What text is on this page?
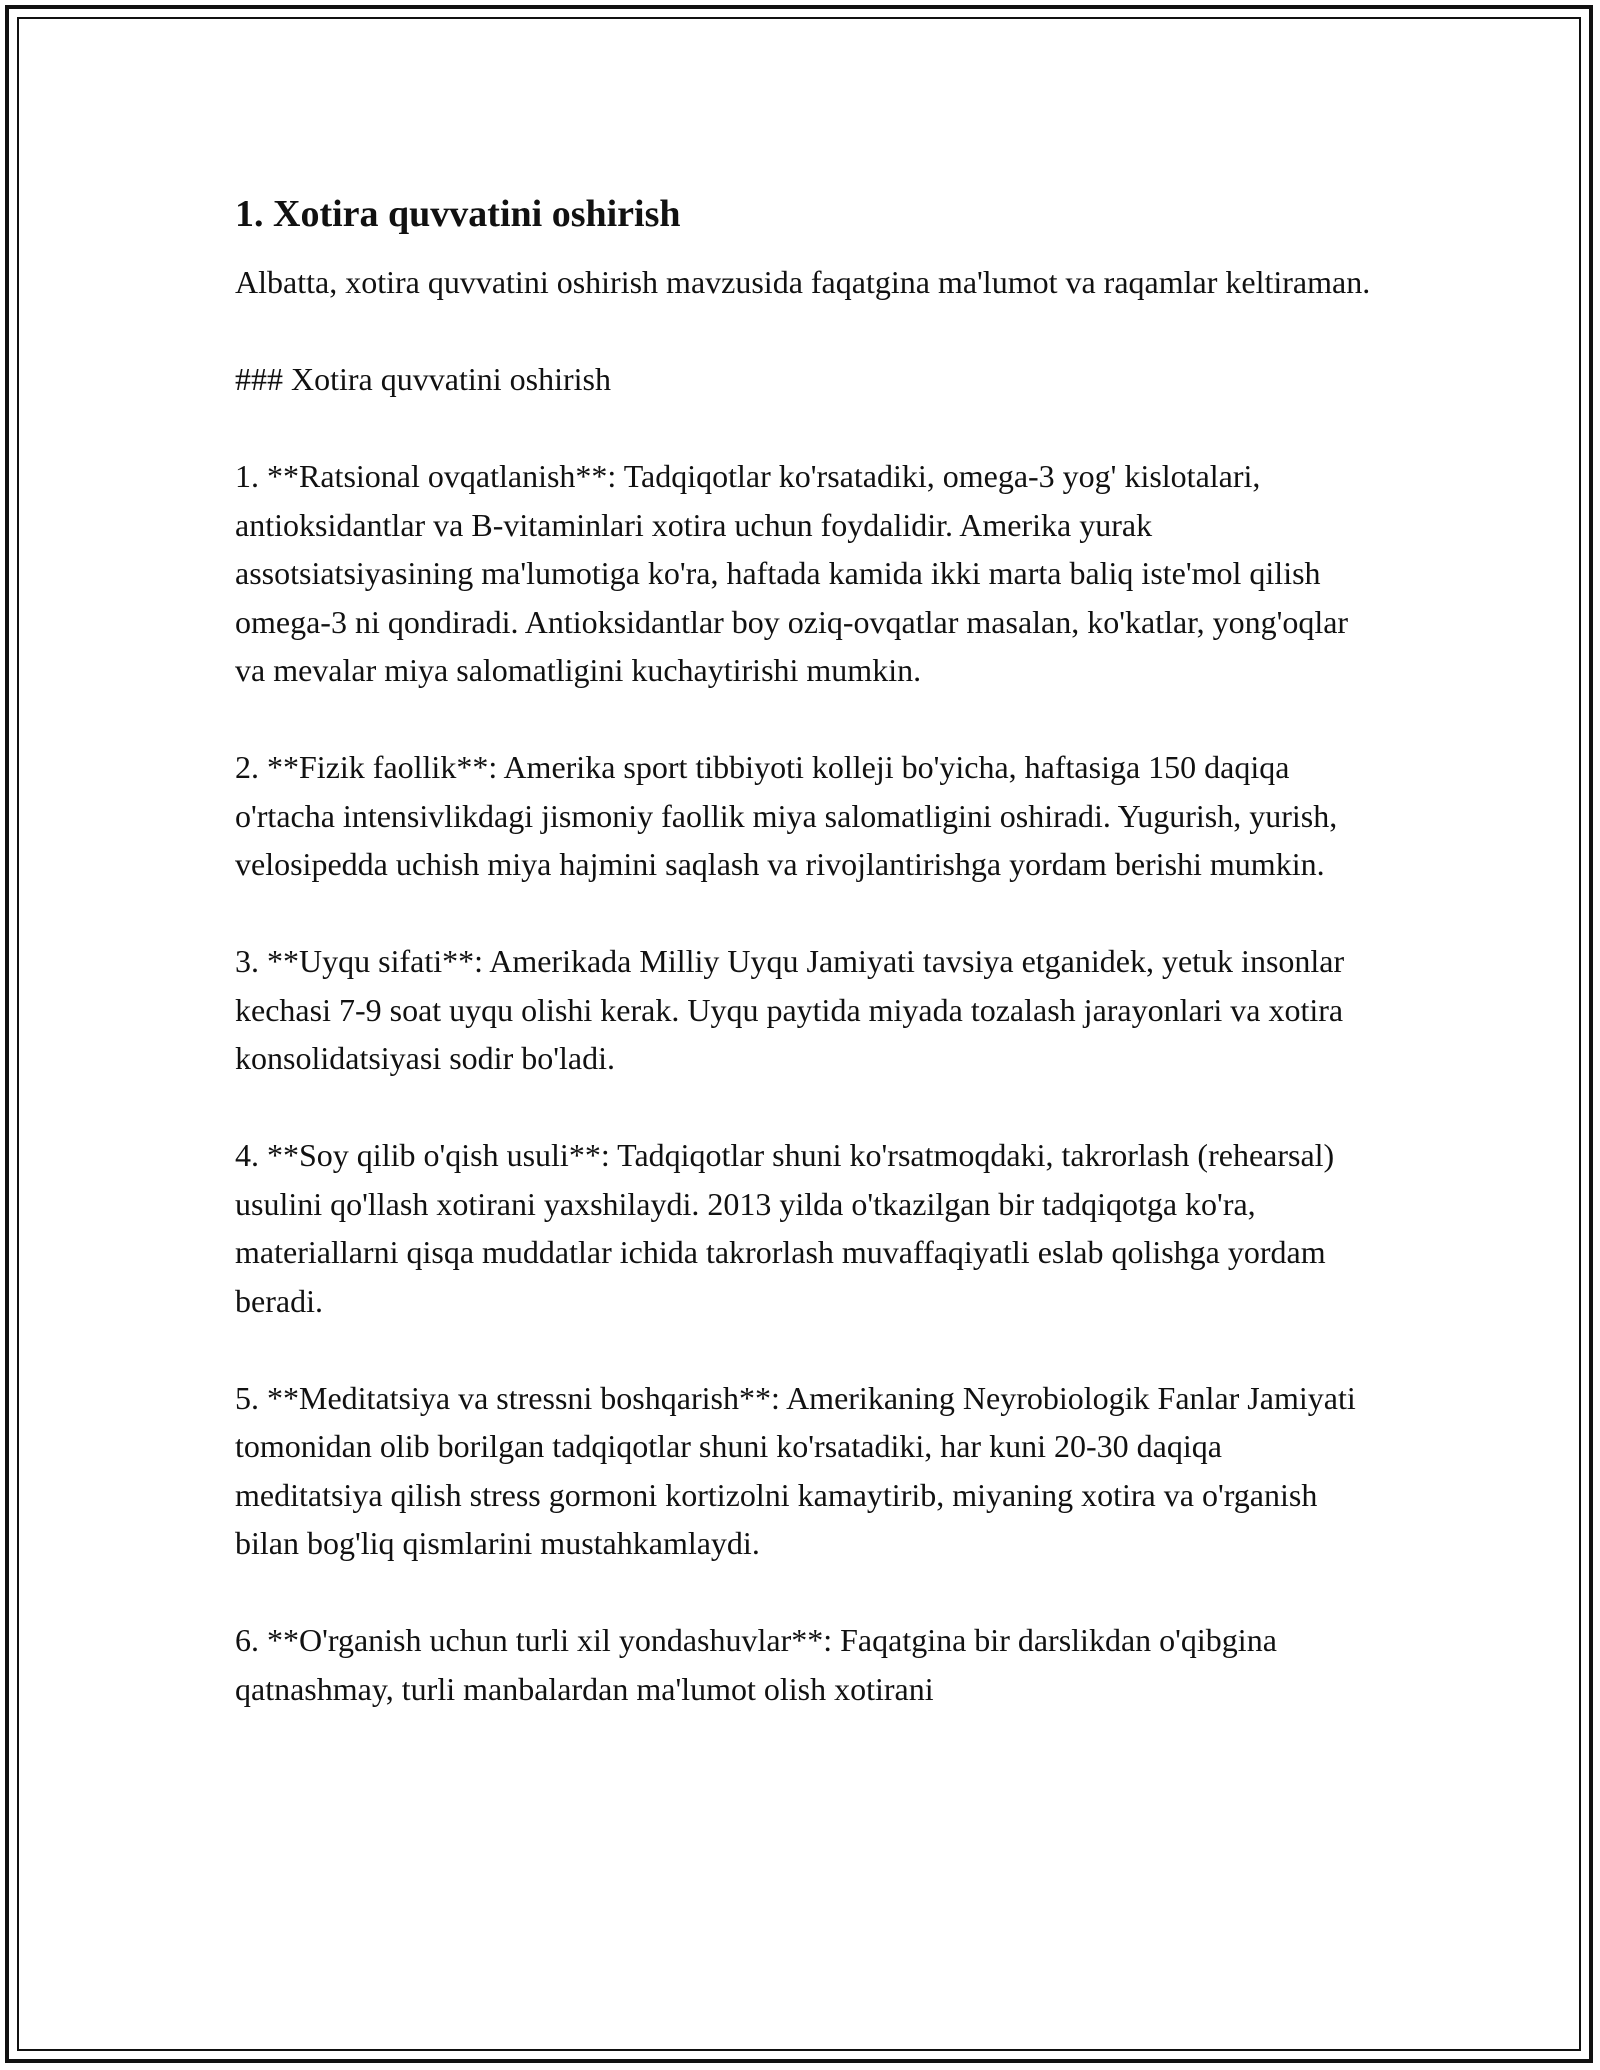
1. Xotira quvvatini oshirish

Albatta, xotira quvvatini oshirish mavzusida faqatgina ma'lumot va raqamlar keltiraman.

### Xotira quvvatini oshirish

1. **Ratsional ovqatlanish**: Tadqiqotlar ko'rsatadiki, omega-3 yog' kislotalari, antioksidantlar va B-vitaminlari xotira uchun foydalidir. Amerika yurak assotsiatsiyasining ma'lumotiga ko'ra, haftada kamida ikki marta baliq iste'mol qilish omega-3 ni qondiradi. Antioksidantlar boy oziq-ovqatlar masalan, ko'katlar, yong'oqlar va mevalar miya salomatligini kuchaytirishi mumkin.

2. **Fizik faollik**: Amerika sport tibbiyoti kolleji bo'yicha, haftasiga 150 daqiqa o'rtacha intensivlikdagi jismoniy faollik miya salomatligini oshiradi. Yugurish, yurish, velosipedda uchish miya hajmini saqlash va rivojlantirishga yordam berishi mumkin.

3. **Uyqu sifati**: Amerikada Milliy Uyqu Jamiyati tavsiya etganidek, yetuk insonlar kechasi 7-9 soat uyqu olishi kerak. Uyqu paytida miyada tozalash jarayonlari va xotira konsolidatsiyasi sodir bo'ladi.

4. **Soy qilib o'qish usuli**: Tadqiqotlar shuni ko'rsatmoqdaki, takrorlash (rehearsal) usulini qo'llash xotirani yaxshilaydi. 2013 yilda o'tkazilgan bir tadqiqotga ko'ra, materiallarni qisqa muddatlar ichida takrorlash muvaffaqiyatli eslab qolishga yordam beradi.

5. **Meditatsiya va stressni boshqarish**: Amerikaning Neyrobiologik Fanlar Jamiyati tomonidan olib borilgan tadqiqotlar shuni ko'rsatadiki, har kuni 20-30 daqiqa meditatsiya qilish stress gormoni kortizolni kamaytirib, miyaning xotira va o'rganish bilan bog'liq qismlarini mustahkamlaydi.

6. **O'rganish uchun turli xil yondashuvlar**: Faqatgina bir darslikdan o'qibgina qatnashmay, turli manbalardan ma'lumot olish xotirani
